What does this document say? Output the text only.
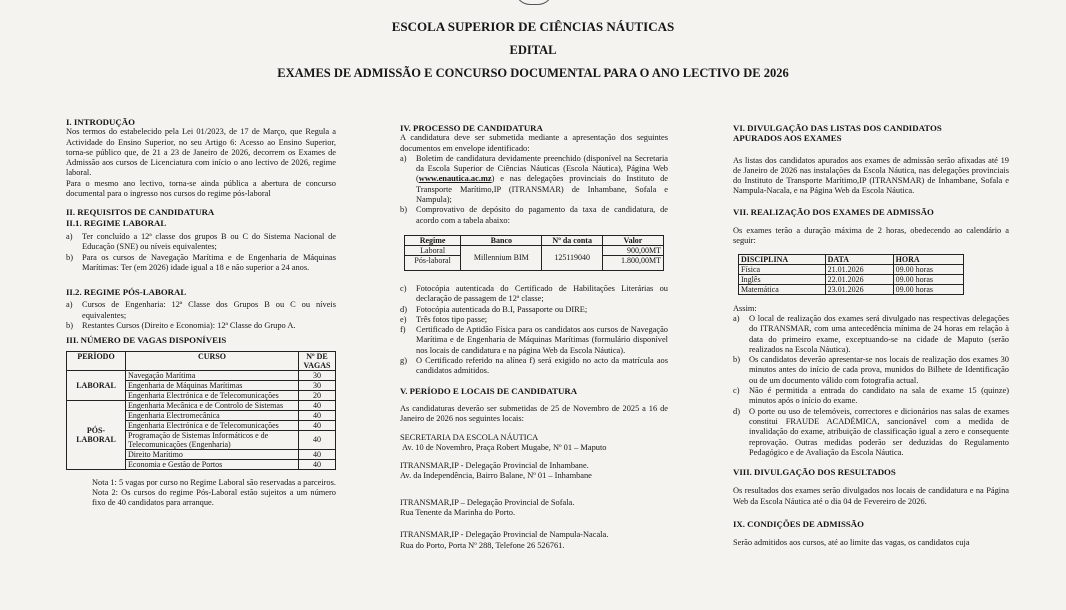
ESCOLA SUPERIOR DE CIÊNCIAS NÁUTICAS
EDITAL
EXAMES DE ADMISSÃO E CONCURSO DOCUMENTAL PARA O ANO LECTIVO DE 2026
I. INTRODUÇÃO

Nos termos do estabelecido pela Lei 01/2023, de 17 de Março, que Regula a Actividade do Ensino Superior, no seu Artigo 6: Acesso ao Ensino Superior, torna-se público que, de 21 a 23 de Janeiro de 2026, decorrem os Exames de Admissão aos cursos de Licenciatura com início o ano lectivo de 2026, regime laboral.

Para o mesmo ano lectivo, torna-se ainda pública a abertura de concurso documental para o ingresso nos cursos do regime pós-laboral

II. REQUISITOS DE CANDIDATURA
II.1. REGIME LABORAL
a)	Ter concluído a 12ª classe dos grupos B ou C do Sistema Nacional de Educação (SNE) ou níveis equivalentes;
b)	Para os cursos de Navegação Marítima e de Engenharia de Máquinas Marítimas: Ter (em 2026) idade igual a 18 e não superior a 24 anos.
II.2. REGIME PÓS-LABORAL
a)	Cursos de Engenharia: 12ª Classe dos Grupos B ou C ou níveis equivalentes;
b)	Restantes Cursos (Direito e Economia): 12ª Classe do Grupo A.
III. NÚMERO DE VAGAS DISPONÍVEIS
PERÍODO	CURSO	Nº DE VAGAS
LABORAL	Navegação Marítima	30
	Engenharia de Máquinas Marítimas	30
	Engenharia Electrónica e de Telecomunicações	20
PÓS-LABORAL	Engenharia Mecânica e de Controlo de Sistemas	40
	Engenharia Electromecânica	40
	Engenharia Electrónica e de Telecomunicações	40
	Programação de Sistemas Informáticos e de Telecomunicações (Engenharia)	40
	Direito Marítimo	40
	Economia e Gestão de Portos	40

Nota 1: 5 vagas por curso no Regime Laboral são reservadas a parceiros.

Nota 2: Os cursos do regime Pós-Laboral estão sujeitos a um número fixo de 40 candidatos para arranque.

IV. PROCESSO DE CANDIDATURA

A candidatura deve ser submetida mediante a apresentação dos seguintes documentos em envelope identificado:

a)	Boletim de candidatura devidamente preenchido (disponível na Secretaria da Escola Superior de Ciências Náuticas (Escola Náutica), Página Web (www.enautica.ac.mz) e nas delegações provinciais do Instituto de Transporte Marítimo,IP (ITRANSMAR) de Inhambane, Sofala e Nampula);
b)	Comprovativo de depósito do pagamento da taxa de candidatura, de acordo com a tabela abaixo:
Regime	Banco	Nº da conta	Valor
Laboral	Millennium BIM	125119040	900,00MT
Pós-laboral			1.800,00MT
c)	Fotocópia autenticada do Certificado de Habilitações Literárias ou declaração de passagem de 12ª classe;
d)	Fotocópia autenticada do B.I, Passaporte ou DIRE;
e)	Três fotos tipo passe;
f)	Certificado de Aptidão Física para os candidatos aos cursos de Navegação Marítima e de Engenharia de Máquinas Marítimas (formulário disponível nos locais de candidatura e na página Web da Escola Náutica).
g)	O Certificado referido na alínea f) será exigido no acto da matrícula aos candidatos admitidos.
V. PERÍODO E LOCAIS DE CANDIDATURA

As candidaturas deverão ser submetidas de 25 de Novembro de 2025 a 16 de Janeiro de 2026 nos seguintes locais:

SECRETARIA DA ESCOLA NÁUTICA
Av. 10 de Novembro, Praça Robert Mugabe, Nº 01 – Maputo
ITRANSMAR,IP - Delegação Provincial de Inhambane.
Av. da Independência, Bairro Balane, Nº 01 – Inhambane
ITRANSMAR,IP – Delegação Provincial de Sofala.
Rua Tenente da Marinha do Porto.
ITRANSMAR,IP - Delegação Provincial de Nampula-Nacala.
Rua do Porto, Porta Nº 288, Telefone 26 526761.
VI. DIVULGAÇÃO DAS LISTAS DOS CANDIDATOS APURADOS AOS EXAMES

As listas dos candidatos apurados aos exames de admissão serão afixadas até 19 de Janeiro de 2026 nas instalações da Escola Náutica, nas delegações provinciais do Instituto de Transporte Marítimo,IP (ITRANSMAR) de Inhambane, Sofala e Nampula-Nacala, e na Página Web da Escola Náutica.

VII. REALIZAÇÃO DOS EXAMES DE ADMISSÃO

Os exames terão a duração máxima de 2 horas, obedecendo ao calendário a seguir:

DISCIPLINA	DATA	HORA
Física	21.01.2026	09.00 horas
Inglês	22.01.2026	09.00 horas
Matemática	23.01.2026	09.00 horas

Assim:

a)	O local de realização dos exames será divulgado nas respectivas delegações do ITRANSMAR, com uma antecedência mínima de 24 horas em relação à data do primeiro exame, exceptuando-se na cidade de Maputo (serão realizados na Escola Náutica).
b)	Os candidatos deverão apresentar-se nos locais de realização dos exames 30 minutos antes do início de cada prova, munidos do Bilhete de Identificação ou de um documento válido com fotografia actual.
c)	Não é permitida a entrada do candidato na sala de exame 15 (quinze) minutos após o início do exame.
d)	O porte ou uso de telemóveis, correctores e dicionários nas salas de exames constitui FRAUDE ACADÉMICA, sancionável com a medida de invalidação do exame, atribuição de classificação igual a zero e consequente reprovação. Outras medidas poderão ser deduzidas do Regulamento Pedagógico e de Avaliação da Escola Náutica.
VIII. DIVULGAÇÃO DOS RESULTADOS

Os resultados dos exames serão divulgados nos locais de candidatura e na Página Web da Escola Náutica até o dia 04 de Fevereiro de 2026.

IX. CONDIÇÕES DE ADMISSÃO

Serão admitidos aos cursos, até ao limite das vagas, os candidatos cuja
